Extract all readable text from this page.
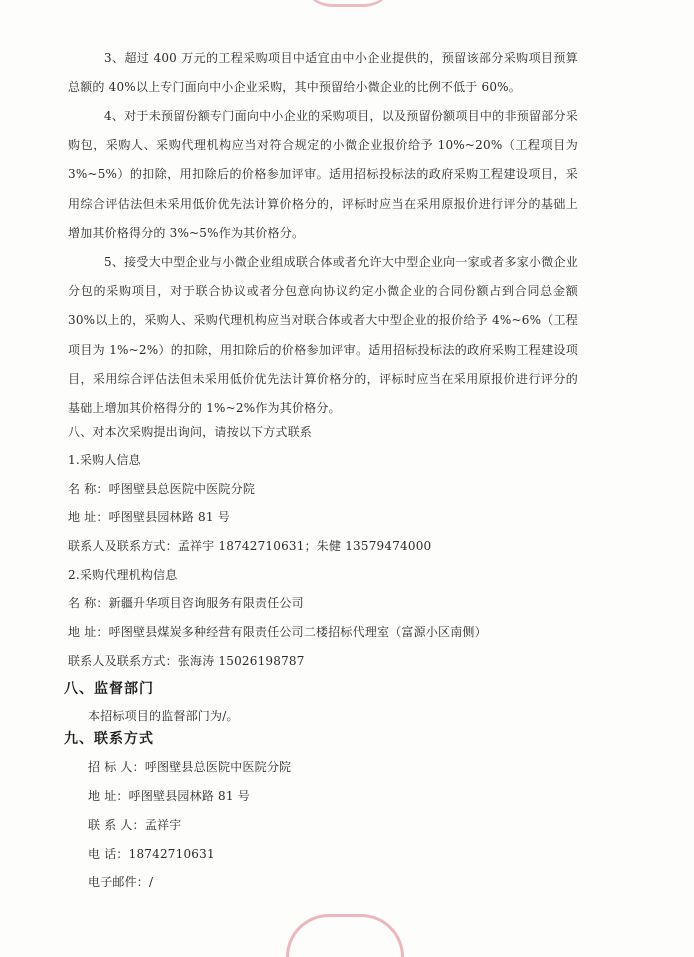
3、超过 400 万元的工程采购项目中适宜由中小企业提供的，预留该部分采购项目预算总额的 40%以上专门面向中小企业采购，其中预留给小微企业的比例不低于 60%。
4、对于未预留份额专门面向中小企业的采购项目，以及预留份额项目中的非预留部分采购包，采购人、采购代理机构应当对符合规定的小微企业报价给予 10%~20%（工程项目为 3%~5%）的扣除，用扣除后的价格参加评审。适用招标投标法的政府采购工程建设项目，采用综合评估法但未采用低价优先法计算价格分的，评标时应当在采用原报价进行评分的基础上增加其价格得分的 3%~5%作为其价格分。
5、接受大中型企业与小微企业组成联合体或者允许大中型企业向一家或者多家小微企业分包的采购项目，对于联合协议或者分包意向协议约定小微企业的合同份额占到合同总金额 30%以上的，采购人、采购代理机构应当对联合体或者大中型企业的报价给予 4%~6%（工程项目为 1%~2%）的扣除，用扣除后的价格参加评审。适用招标投标法的政府采购工程建设项目，采用综合评估法但未采用低价优先法计算价格分的，评标时应当在采用原报价进行评分的基础上增加其价格得分的 1%~2%作为其价格分。
八、对本次采购提出询问，请按以下方式联系
1.采购人信息
名 称：呼图壁县总医院中医院分院
地 址：呼图壁县园林路 81 号
联系人及联系方式：孟祥宇 18742710631；朱健 13579474000
2.采购代理机构信息
名 称：新疆升华项目咨询服务有限责任公司
地 址：呼图壁县煤炭多种经营有限责任公司二楼招标代理室（富源小区南侧）
联系人及联系方式：张海涛 15026198787
八、监督部门
本招标项目的监督部门为/。
九、联系方式
招 标 人：呼图壁县总医院中医院分院
地 址：呼图壁县园林路 81 号
联 系 人：孟祥宇
电 话：18742710631
电子邮件：/
